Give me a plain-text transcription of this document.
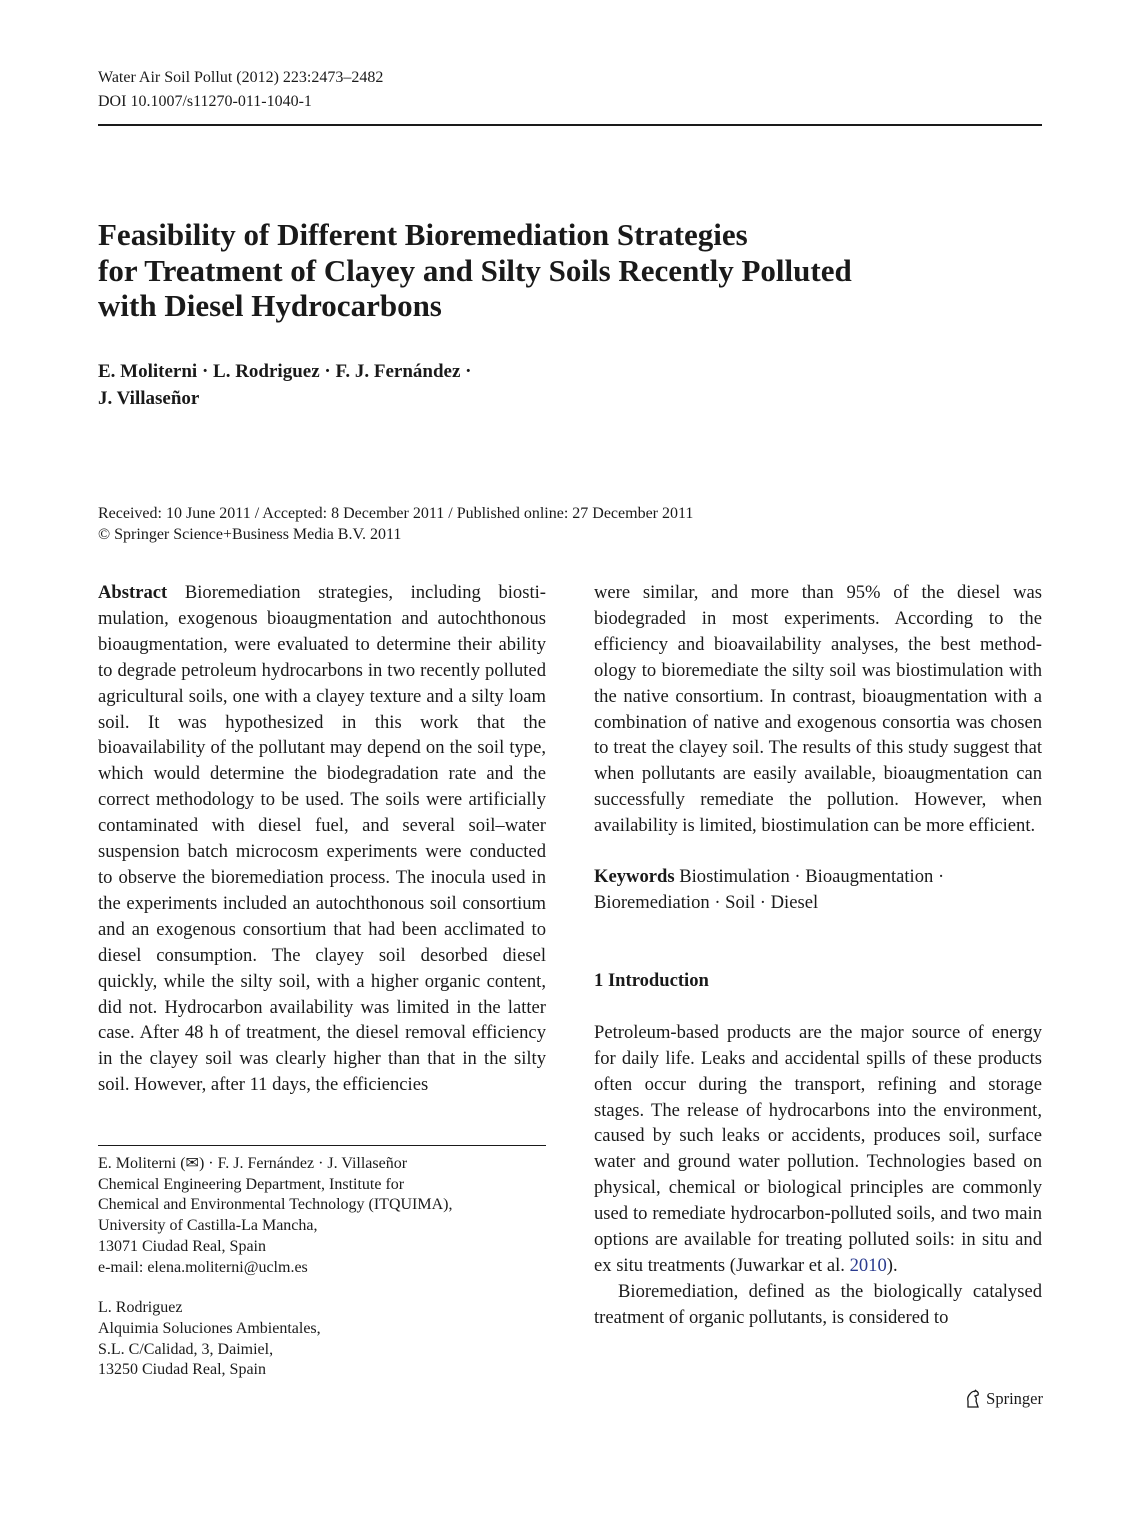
Water Air Soil Pollut (2012) 223:2473–2482
DOI 10.1007/s11270-011-1040-1
Feasibility of Different Bioremediation Strategies
for Treatment of Clayey and Silty Soils Recently Polluted
with Diesel Hydrocarbons
E. Moliterni · L. Rodriguez · F. J. Fernández ·
J. Villaseñor
Received: 10 June 2011 / Accepted: 8 December 2011 / Published online: 27 December 2011
© Springer Science+Business Media B.V. 2011

Abstract Bioremediation strategies, including biostimulation, exogenous bioaugmentation and autochthonous bioaugmentation, were evaluated to determine their ability to degrade petroleum hydrocarbons in two recently polluted agricultural soils, one with a clayey texture and a silty loam soil. It was hypothesized in this work that the bioavailability of the pollutant may depend on the soil type, which would determine the biodegradation rate and the correct methodology to be used. The soils were artificially contaminated with diesel fuel, and several soil–water suspension batch microcosm experiments were conducted to observe the bioremediation process. The inocula used in the experiments included an autochthonous soil consortium and an exogenous consortium that had been acclimated to diesel consumption. The clayey soil desorbed diesel quickly, while the silty soil, with a higher organic content, did not. Hydrocarbon availability was limited in the latter case. After 48 h of treatment, the diesel removal efficiency in the clayey soil was clearly higher than that in the silty soil. However, after 11 days, the efficiencies

were similar, and more than 95% of the diesel was biodegraded in most experiments. According to the efficiency and bioavailability analyses, the best methodology to bioremediate the silty soil was biostimulation with the native consortium. In contrast, bioaugmentation with a combination of native and exogenous consortia was chosen to treat the clayey soil. The results of this study suggest that when pollutants are easily available, bioaugmentation can successfully remediate the pollution. However, when availability is limited, biostimulation can be more efficient.

Keywords Biostimulation · Bioaugmentation · Bioremediation · Soil · Diesel

1 Introduction

Petroleum-based products are the major source of energy for daily life. Leaks and accidental spills of these products often occur during the transport, refining and storage stages. The release of hydrocarbons into the environment, caused by such leaks or accidents, produces soil, surface water and ground water pollution. Technologies based on physical, chemical or biological principles are commonly used to remediate hydrocarbon-polluted soils, and two main options are available for treating polluted soils: in situ and ex situ treatments (Juwarkar et al. 2010).

Bioremediation, defined as the biologically catalysed treatment of organic pollutants, is considered to

E. Moliterni (✉) · F. J. Fernández · J. Villaseñor
Chemical Engineering Department, Institute for
Chemical and Environmental Technology (ITQUIMA),
University of Castilla-La Mancha,
13071 Ciudad Real, Spain
e-mail: elena.moliterni@uclm.es
L. Rodriguez
Alquimia Soluciones Ambientales,
S.L. C/Calidad, 3, Daimiel,
13250 Ciudad Real, Spain
Springer
